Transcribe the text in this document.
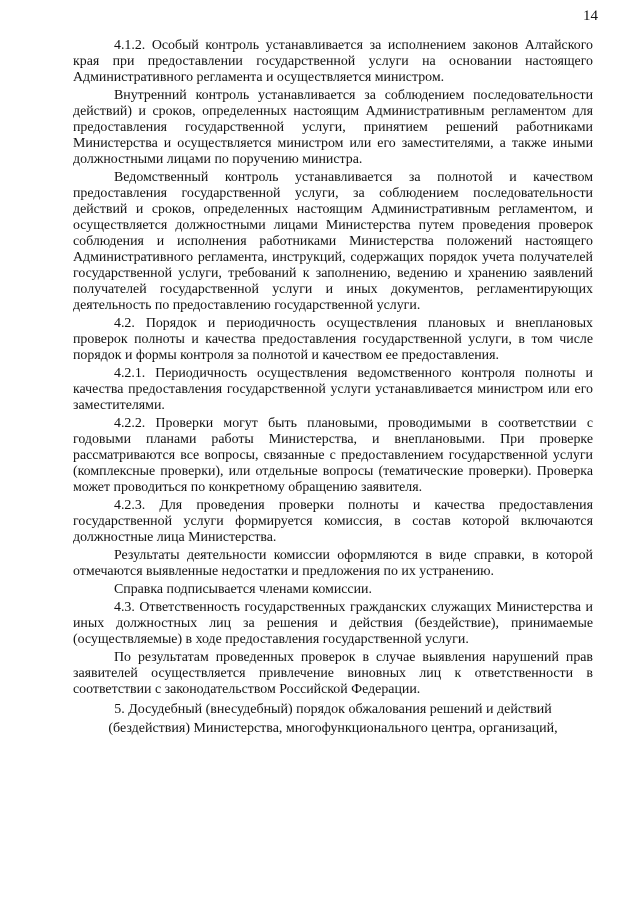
14

4.1.2. Особый контроль устанавливается за исполнением законов Алтайского края при предоставлении государственной услуги на основании настоящего Административного регламента и осуществляется министром.

Внутренний контроль устанавливается за соблюдением последовательности действий) и сроков, определенных настоящим Административным регламентом для предоставления государственной услуги, принятием решений работниками Министерства и осуществляется министром или его заместителями, а также иными должностными лицами по поручению министра.

Ведомственный контроль устанавливается за полнотой и качеством предоставления государственной услуги, за соблюдением последовательности действий и сроков, определенных настоящим Административным регламентом, и осуществляется должностными лицами Министерства путем проведения проверок соблюдения и исполнения работниками Министерства положений настоящего Административного регламента, инструкций, содержащих порядок учета получателей государственной услуги, требований к заполнению, ведению и хранению заявлений получателей государственной услуги и иных документов, регламентирующих деятельность по предоставлению государственной услуги.

4.2. Порядок и периодичность осуществления плановых и внеплановых проверок полноты и качества предоставления государственной услуги, в том числе порядок и формы контроля за полнотой и качеством ее предоставления.

4.2.1. Периодичность осуществления ведомственного контроля полноты и качества предоставления государственной услуги устанавливается министром или его заместителями.

4.2.2. Проверки могут быть плановыми, проводимыми в соответствии с годовыми планами работы Министерства, и внеплановыми. При проверке рассматриваются все вопросы, связанные с предоставлением государственной услуги (комплексные проверки), или отдельные вопросы (тематические проверки). Проверка может проводиться по конкретному обращению заявителя.

4.2.3. Для проведения проверки полноты и качества предоставления государственной услуги формируется комиссия, в состав которой включаются должностные лица Министерства.

Результаты деятельности комиссии оформляются в виде справки, в которой отмечаются выявленные недостатки и предложения по их устранению.

Справка подписывается членами комиссии.

4.3. Ответственность государственных гражданских служащих Министерства и иных должностных лиц за решения и действия (бездействие), принимаемые (осуществляемые) в ходе предоставления государственной услуги.

По результатам проведенных проверок в случае выявления нарушений прав заявителей осуществляется привлечение виновных лиц к ответственности в соответствии с законодательством Российской Федерации.

5. Досудебный (внесудебный) порядок обжалования решений и действий (бездействия) Министерства, многофункционального центра, организаций,
